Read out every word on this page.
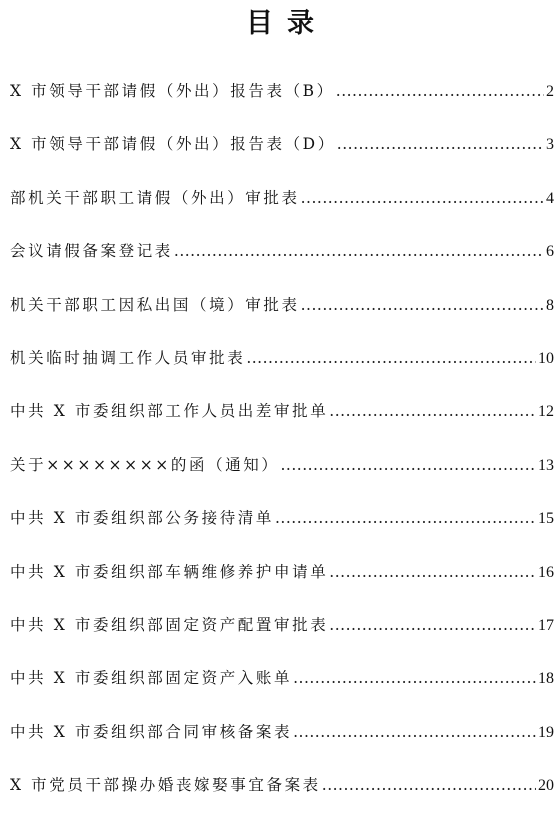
目录
X 市领导干部请假（外出）报告表（B） .....	2
X 市领导干部请假（外出）报告表（D） .....	3
部机关干部职工请假（外出）审批表 .....	4
会议请假备案登记表 .....	6
机关干部职工因私出国（境）审批表 .....	8
机关临时抽调工作人员审批表 .....	10
中共 X 市委组织部工作人员出差审批单 .....	12
关于××××××××的函（通知） .....	13
中共 X 市委组织部公务接待清单 .....	15
中共 X 市委组织部车辆维修养护申请单 .....	16
中共 X 市委组织部固定资产配置审批表 .....	17
中共 X 市委组织部固定资产入账单 .....	18
中共 X 市委组织部合同审核备案表 .....	19
X 市党员干部操办婚丧嫁娶事宜备案表 .....	20
